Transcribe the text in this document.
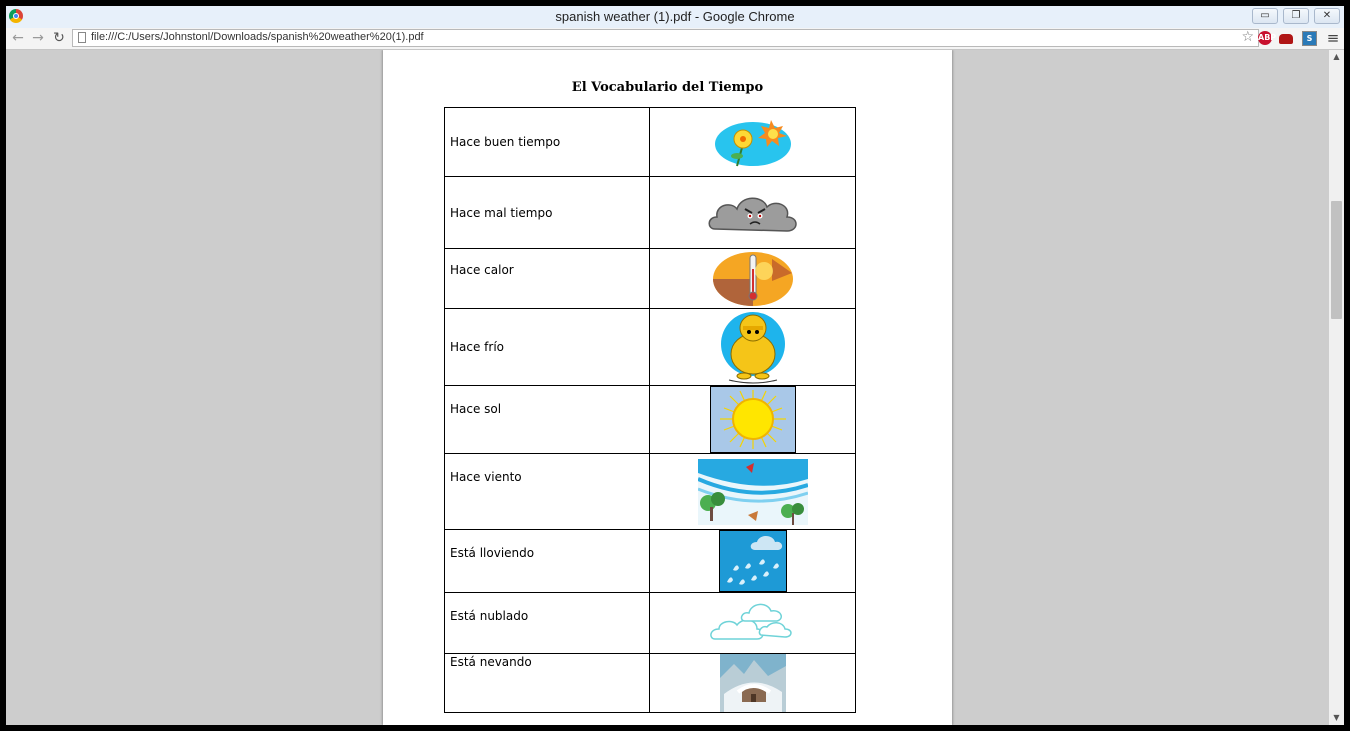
spanish weather (1).pdf - Google Chrome	▭	❐	✕
← → ↻ file:///C:/Users/Johnstonl/Downloads/spanish%20weather%20(1).pdf	☆ ABP	S ≡
El Vocabulario del Tiempo
Hace buen tiempo	

Hace mal tiempo	

Hace calor	

Hace frío	

Hace sol	

Hace viento	

Está lloviendo	

Está nublado	

Está nevando	
▲
▼
